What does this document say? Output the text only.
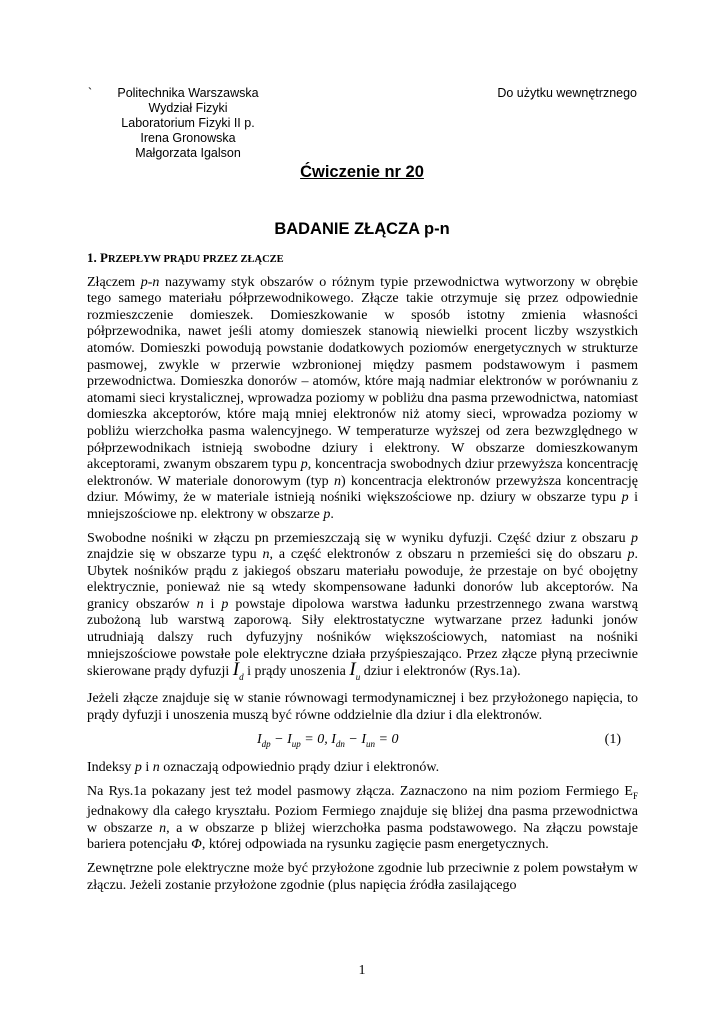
`	Politechnika Warszawska
Wydział Fizyki
Laboratorium Fizyki II p.
Irena Gronowska
Małgorzata Igalson
Do użytku wewnętrznego
Ćwiczenie nr 20
BADANIE ZŁĄCZA p-n
1. PRZEPŁYW PRĄDU PRZEZ ZŁĄCZE

Złączem p-n nazywamy styk obszarów o różnym typie przewodnictwa wytworzony w obrębie tego samego materiału półprzewodnikowego. Złącze takie otrzymuje się przez odpowiednie rozmieszczenie domieszek. Domieszkowanie w sposób istotny zmienia własności półprzewodnika, nawet jeśli atomy domieszek stanowią niewielki procent liczby wszystkich atomów. Domieszki powodują powstanie dodatkowych poziomów energetycznych w strukturze pasmowej, zwykle w przerwie wzbronionej między pasmem podstawowym i pasmem przewodnictwa. Domieszka donorów – atomów, które mają nadmiar elektronów w porównaniu z atomami sieci krystalicznej, wprowadza poziomy w pobliżu dna pasma przewodnictwa, natomiast domieszka akceptorów, które mają mniej elektronów niż atomy sieci, wprowadza poziomy w pobliżu wierzchołka pasma walencyjnego. W temperaturze wyższej od zera bezwzględnego w półprzewodnikach istnieją swobodne dziury i elektrony. W obszarze domieszkowanym akceptorami, zwanym obszarem typu p, koncentracja swobodnych dziur przewyższa koncentrację elektronów. W materiale donorowym (typ n) koncentracja elektronów przewyższa koncentrację dziur. Mówimy, że w materiale istnieją nośniki większościowe np. dziury w obszarze typu p i mniejszościowe np. elektrony w obszarze p.

Swobodne nośniki w złączu pn przemieszczają się w wyniku dyfuzji. Część dziur z obszaru p znajdzie się w obszarze typu n, a część elektronów z obszaru n przemieści się do obszaru p. Ubytek nośników prądu z jakiegoś obszaru materiału powoduje, że przestaje on być obojętny elektrycznie, ponieważ nie są wtedy skompensowane ładunki donorów lub akceptorów. Na granicy obszarów n i p powstaje dipolowa warstwa ładunku przestrzennego zwana warstwą zubożoną lub warstwą zaporową. Siły elektrostatyczne wytwarzane przez ładunki jonów utrudniają dalszy ruch dyfuzyjny nośników większościowych, natomiast na nośniki mniejszościowe powstałe pole elektryczne działa przyśpieszająco. Przez złącze płyną przeciwnie skierowane prądy dyfuzji $I_d$ i prądy unoszenia $I_u$ dziur i elektronów (Rys.1a).

Jeżeli złącze znajduje się w stanie równowagi termodynamicznej i bez przyłożonego napięcia, to prądy dyfuzji i unoszenia muszą być równe oddzielnie dla dziur i dla elektronów.

$I_{dp} - I_{up} = 0$, $I_{dn} - I_{un} = 0$	(1)

Indeksy p i n oznaczają odpowiednio prądy dziur i elektronów.

Na Rys.1a pokazany jest też model pasmowy złącza. Zaznaczono na nim poziom Fermiego $E_F$ jednakowy dla całego kryształu. Poziom Fermiego znajduje się bliżej dna pasma przewodnictwa w obszarze n, a w obszarze p bliżej wierzchołka pasma podstawowego. Na złączu powstaje bariera potencjału Φ, której odpowiada na rysunku zagięcie pasm energetycznych.

Zewnętrzne pole elektryczne może być przyłożone zgodnie lub przeciwnie z polem powstałym w złączu. Jeżeli zostanie przyłożone zgodnie (plus napięcia źródła zasilającego

1
